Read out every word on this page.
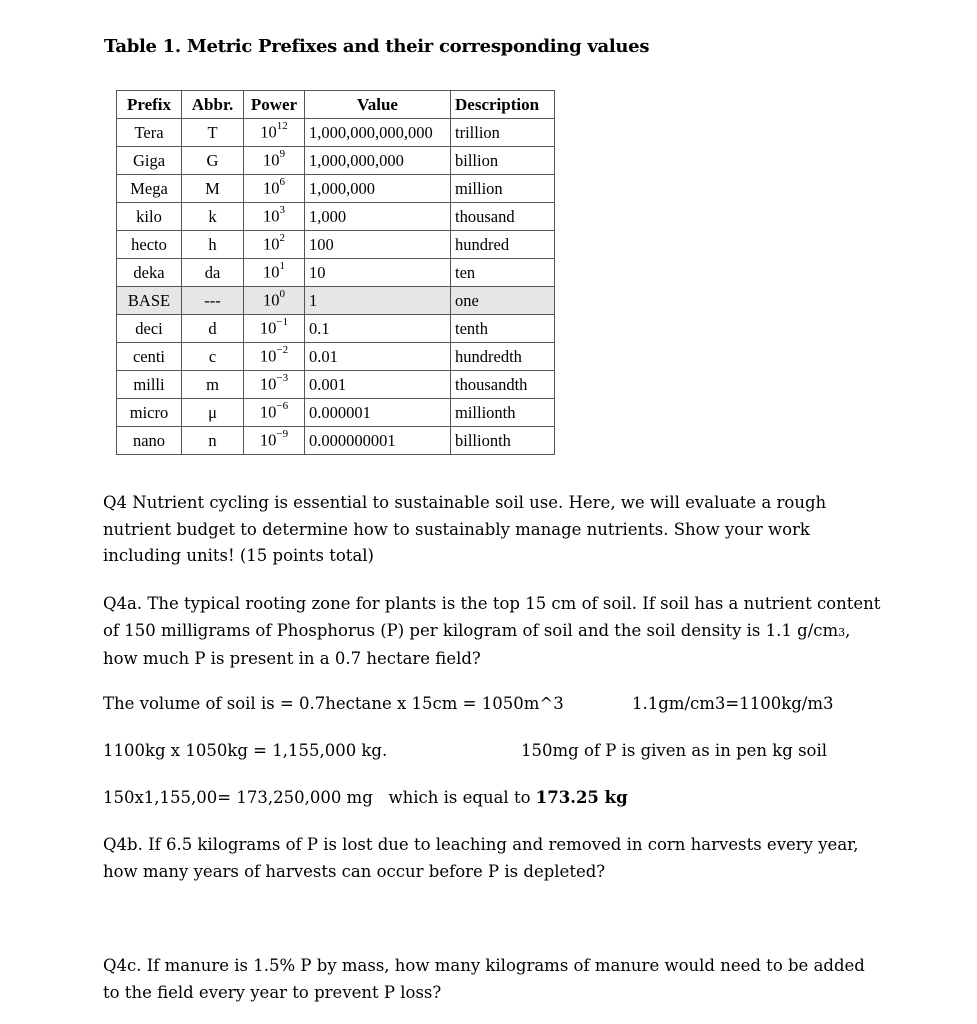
Table 1. Metric Prefixes and their corresponding values
Prefix	Abbr.	Power	Value	Description
Tera	T	$10^{12}$	1,000,000,000,000	trillion
Giga	G	$10^9$	1,000,000,000	billion
Mega	M	$10^6$	1,000,000	million
kilo	k	$10^3$	1,000	thousand
hecto	h	$10^2$	100	hundred
deka	da	$10^1$	10	ten
BASE	---	$10^0$	1	one
deci	d	$10^{-1}$	0.1	tenth
centi	c	$10^{-2}$	0.01	hundredth
milli	m	$10^{-3}$	0.001	thousandth
micro	μ	$10^{-6}$	0.000001	millionth
nano	n	$10^{-9}$	0.000000001	billionth
Q4 Nutrient cycling is essential to sustainable soil use. Here, we will evaluate a rough
nutrient budget to determine how to sustainably manage nutrients. Show your work
including units! (15 points total)
Q4a. The typical rooting zone for plants is the top 15 cm of soil. If soil has a nutrient content
of 150 milligrams of Phosphorus (P) per kilogram of soil and the soil density is 1.1 g/cm3,
how much P is present in a 0.7 hectare field?
The volume of soil is = 0.7hectane x 15cm = 1050m^3	1.1gm/cm3=1100kg/m3
1100kg x 1050kg = 1,155,000 kg.	150mg of P is given as in pen kg soil
150x1,155,00= 173,250,000 mg   which is equal to 173.25 kg
Q4b. If 6.5 kilograms of P is lost due to leaching and removed in corn harvests every year,
how many years of harvests can occur before P is depleted?
Q4c. If manure is 1.5% P by mass, how many kilograms of manure would need to be added
to the field every year to prevent P loss?
